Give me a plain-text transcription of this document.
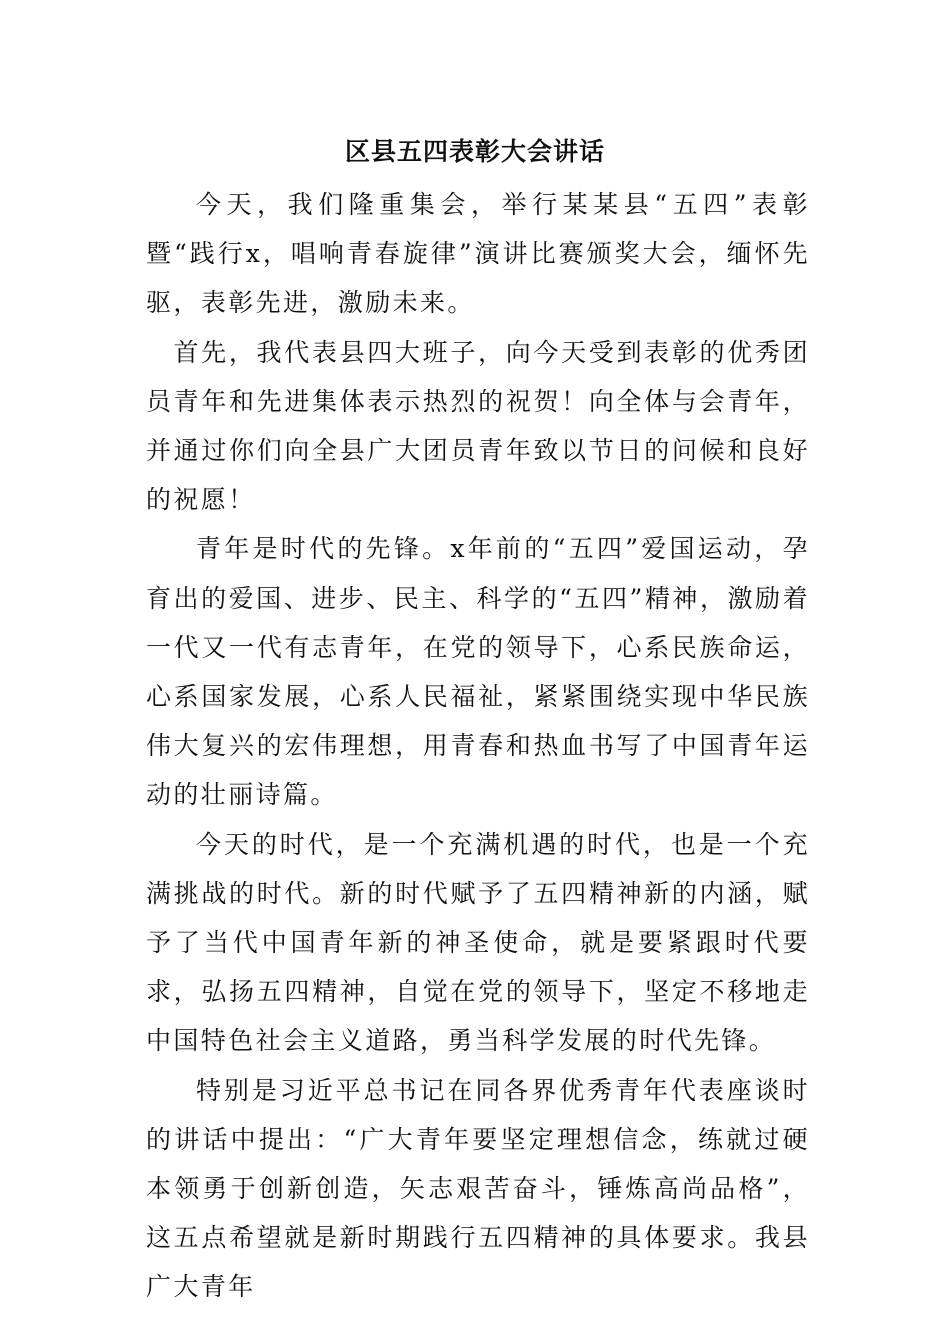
区县五四表彰大会讲话

今天，我们隆重集会，举行某某县“五四”表彰暨“践行x，唱响青春旋律”演讲比赛颁奖大会，缅怀先驱，表彰先进，激励未来。

首先，我代表县四大班子，向今天受到表彰的优秀团员青年和先进集体表示热烈的祝贺！向全体与会青年，并通过你们向全县广大团员青年致以节日的问候和良好的祝愿！

青年是时代的先锋。x年前的“五四”爱国运动，孕育出的爱国、进步、民主、科学的“五四”精神，激励着一代又一代有志青年，在党的领导下，心系民族命运，心系国家发展，心系人民福祉，紧紧围绕实现中华民族伟大复兴的宏伟理想，用青春和热血书写了中国青年运动的壮丽诗篇。

今天的时代，是一个充满机遇的时代，也是一个充满挑战的时代。新的时代赋予了五四精神新的内涵，赋予了当代中国青年新的神圣使命，就是要紧跟时代要求，弘扬五四精神，自觉在党的领导下，坚定不移地走中国特色社会主义道路，勇当科学发展的时代先锋。

特别是习近平总书记在同各界优秀青年代表座谈时的讲话中提出：“广大青年要坚定理想信念，练就过硬本领勇于创新创造，矢志艰苦奋斗，锤炼高尚品格”，这五点希望就是新时期践行五四精神的具体要求。我县广大青年
